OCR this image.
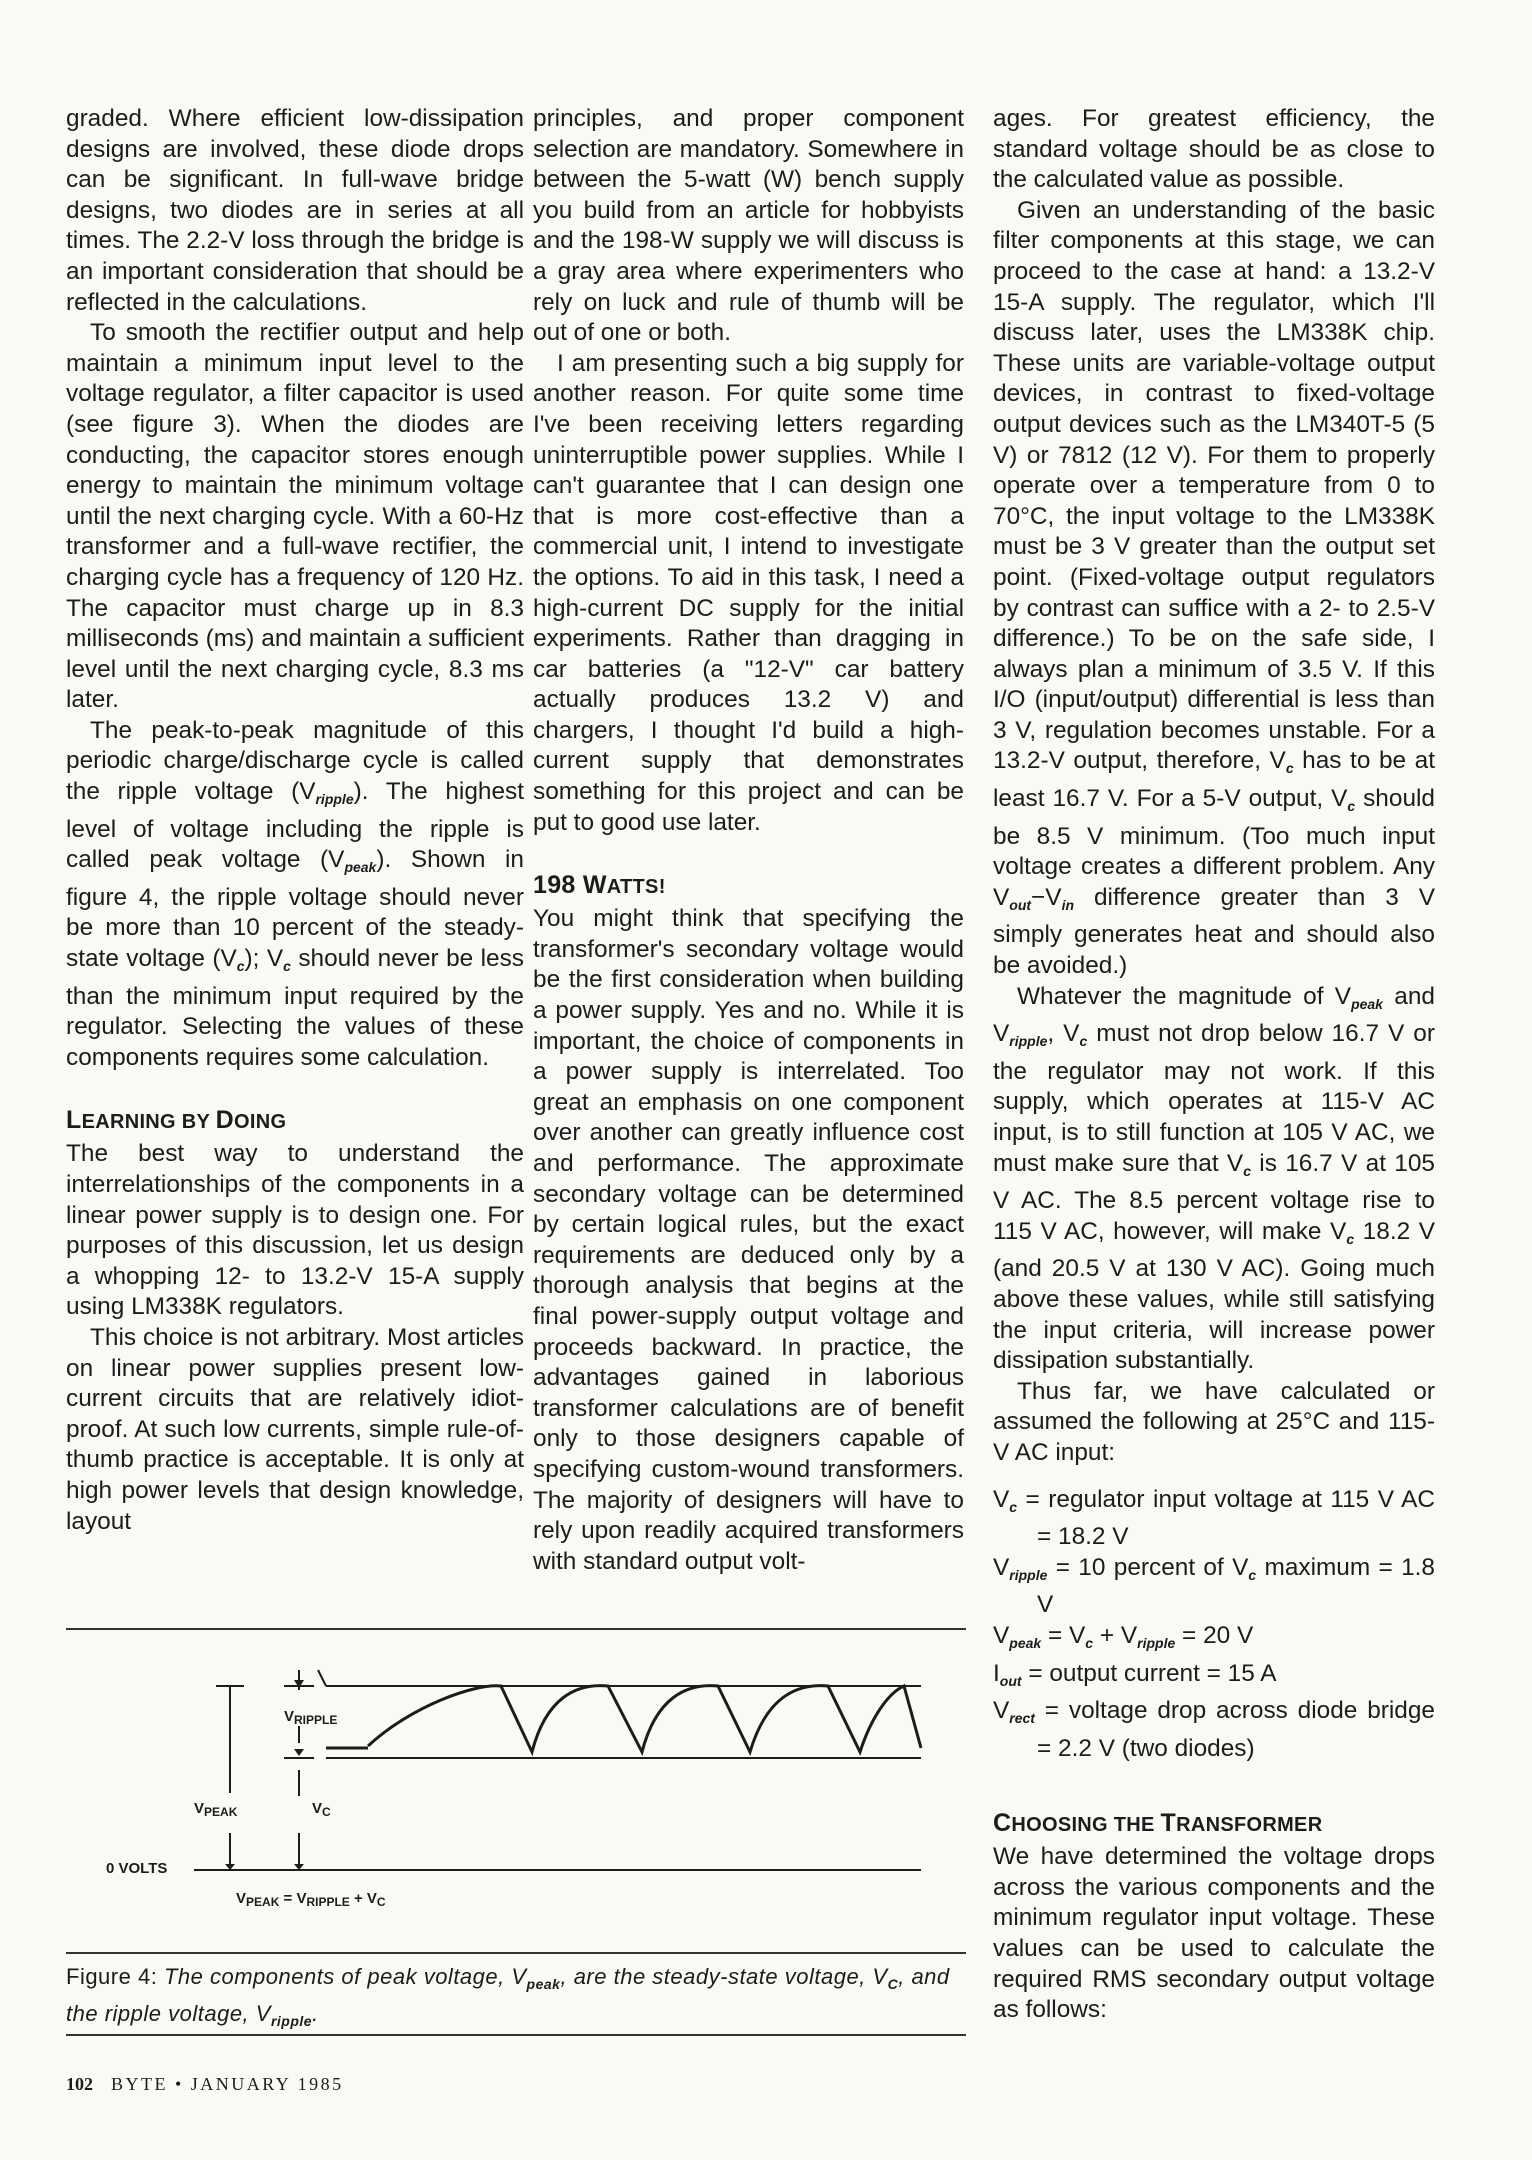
graded. Where efficient low-dissipation designs are involved, these diode drops can be significant. In full-wave bridge designs, two diodes are in series at all times. The 2.2-V loss through the bridge is an important consideration that should be reflected in the calculations.

To smooth the rectifier output and help maintain a minimum input level to the voltage regulator, a filter capacitor is used (see figure 3). When the diodes are conducting, the capacitor stores enough energy to maintain the minimum voltage until the next charging cycle. With a 60-Hz transformer and a full-wave rectifier, the charging cycle has a frequency of 120 Hz. The capacitor must charge up in 8.3 milliseconds (ms) and maintain a sufficient level until the next charging cycle, 8.3 ms later.

The peak-to-peak magnitude of this periodic charge/discharge cycle is called the ripple voltage $(V_{ripple})$. The highest level of voltage including the ripple is called peak voltage $(V_{peak})$. Shown in figure 4, the ripple voltage should never be more than 10 percent of the steady-state voltage $(V_c)$; $V_c$ should never be less than the minimum input required by the regulator. Selecting the values of these components requires some calculation.

LEARNING BY DOING

The best way to understand the interrelationships of the components in a linear power supply is to design one. For purposes of this discussion, let us design a whopping 12- to 13.2-V 15-A supply using LM338K regulators.

This choice is not arbitrary. Most articles on linear power supplies present low-current circuits that are relatively idiot-proof. At such low currents, simple rule-of-thumb practice is acceptable. It is only at high power levels that design knowledge, layout

principles, and proper component selection are mandatory. Somewhere in between the 5-watt (W) bench supply you build from an article for hobbyists and the 198-W supply we will discuss is a gray area where experimenters who rely on luck and rule of thumb will be out of one or both.

I am presenting such a big supply for another reason. For quite some time I've been receiving letters regarding uninterruptible power supplies. While I can't guarantee that I can design one that is more cost-effective than a commercial unit, I intend to investigate the options. To aid in this task, I need a high-current DC supply for the initial experiments. Rather than dragging in car batteries (a "12-V" car battery actually produces 13.2 V) and chargers, I thought I'd build a high-current supply that demonstrates something for this project and can be put to good use later.

198 WATTS!

You might think that specifying the transformer's secondary voltage would be the first consideration when building a power supply. Yes and no. While it is important, the choice of components in a power supply is interrelated. Too great an emphasis on one component over another can greatly influence cost and performance. The approximate secondary voltage can be determined by certain logical rules, but the exact requirements are deduced only by a thorough analysis that begins at the final power-supply output voltage and proceeds backward. In practice, the advantages gained in laborious transformer calculations are of benefit only to those designers capable of specifying custom-wound transformers. The majority of designers will have to rely upon readily acquired transformers with standard output volt-

ages. For greatest efficiency, the standard voltage should be as close to the calculated value as possible.

Given an understanding of the basic filter components at this stage, we can proceed to the case at hand: a 13.2-V 15-A supply. The regulator, which I'll discuss later, uses the LM338K chip. These units are variable-voltage output devices, in contrast to fixed-voltage output devices such as the LM340T-5 (5 V) or 7812 (12 V). For them to properly operate over a temperature from 0 to 70°C, the input voltage to the LM338K must be 3 V greater than the output set point. (Fixed-voltage output regulators by contrast can suffice with a 2- to 2.5-V difference.) To be on the safe side, I always plan a minimum of 3.5 V. If this I/O (input/output) differential is less than 3 V, regulation becomes unstable. For a 13.2-V output, therefore, $V_c$ has to be at least 16.7 V. For a 5-V output, $V_c$ should be 8.5 V minimum. (Too much input voltage creates a different problem. Any $V_{out}-V_{in}$ difference greater than 3 V simply generates heat and should also be avoided.)

Whatever the magnitude of $V_{peak}$ and $V_{ripple}$, $V_c$ must not drop below 16.7 V or the regulator may not work. If this supply, which operates at 115-V AC input, is to still function at 105 V AC, we must make sure that $V_c$ is 16.7 V at 105 V AC. The 8.5 percent voltage rise to 115 V AC, however, will make $V_c$ 18.2 V (and 20.5 V at 130 V AC). Going much above these values, while still satisfying the input criteria, will increase power dissipation substantially.

Thus far, we have calculated or assumed the following at 25°C and 115-V AC input:

$V_c$ = regulator input voltage at 115 V AC = 18.2 V

$V_{ripple} = 10$ percent of $V_c$ maximum = 1.8 V

$V_{peak} = V_c + V_{ripple} = 20$ V

$I_{out}$ = output current = 15 A

$V_{rect}$ = voltage drop across diode bridge = 2.2 V (two diodes)

CHOOSING THE TRANSFORMER

We have determined the voltage drops across the various components and the minimum regulator input voltage. These values can be used to calculate the required RMS secondary output voltage as follows:

$V_{RIPPLE}$
$V_{PEAK}$	$V_C$
0 VOLTS
$V_{PEAK} = V_{RIPPLE} + V_C$
Figure 4: The components of peak voltage, $V_{peak}$, are the steady-state voltage, $V_C$, and the ripple voltage, $V_{ripple}$.
102 BYTE • JANUARY 1985
